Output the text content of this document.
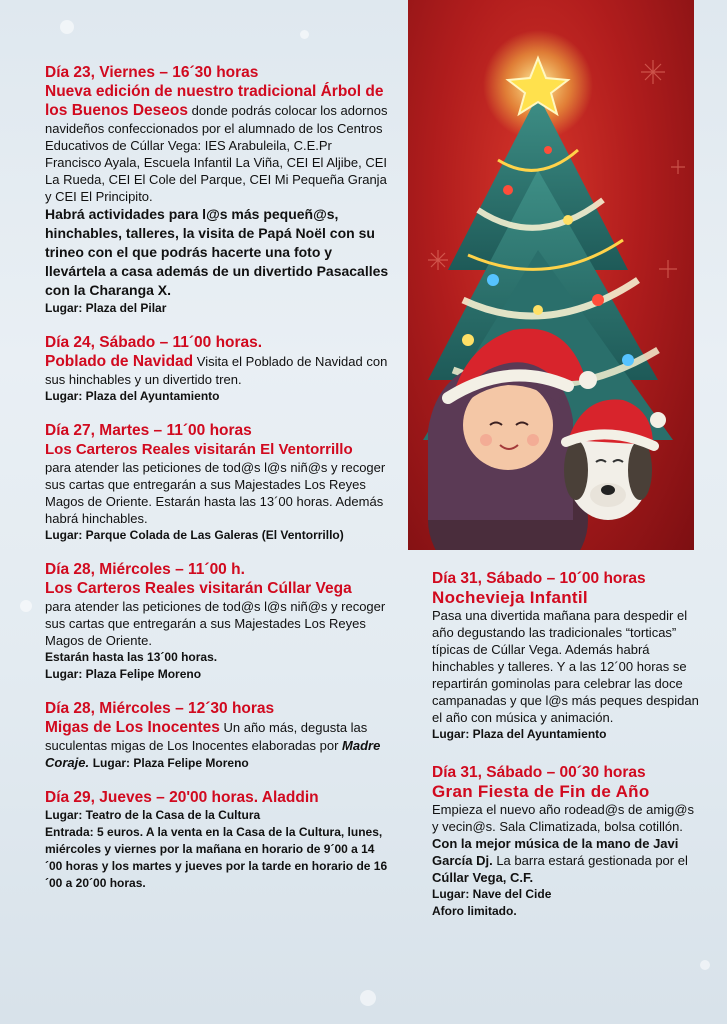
Día 23, Viernes – 16´30 horas

Nueva edición de nuestro tradicional Árbol de los Buenos Deseos donde podrás colocar los adornos navideños confeccionados por el alumnado de los Centros Educativos de Cúllar Vega: IES Arabuleila, C.E.Pr Francisco Ayala, Escuela Infantil La Viña, CEI El Aljibe, CEI La Rueda, CEI El Cole del Parque, CEI Mi Pequeña Granja y CEI El Principito.

Habrá actividades para l@s más pequeñ@s, hinchables, talleres, la visita de Papá Noël con su trineo con el que podrás hacerte una foto y llevártela a casa además de un divertido Pasacalles con la Charanga X.

Lugar: Plaza del Pilar

Día 24, Sábado – 11´00 horas.

Poblado de Navidad Visita el Poblado de Navidad con sus hinchables y un divertido tren.

Lugar: Plaza del Ayuntamiento

Día 27, Martes – 11´00 horas

Los Carteros Reales visitarán El Ventorrillo

para atender las peticiones de tod@s l@s niñ@s y recoger sus cartas que entregarán a sus Majestades Los Reyes Magos de Oriente. Estarán hasta las 13´00 horas. Además habrá hinchables.

Lugar: Parque Colada de Las Galeras (El Ventorrillo)

Día 28, Miércoles – 11´00 h.

Los Carteros Reales visitarán Cúllar Vega

para atender las peticiones de tod@s l@s niñ@s y recoger sus cartas que entregarán a sus Majestades Los Reyes Magos de Oriente.

Estarán hasta las 13´00 horas.

Lugar: Plaza Felipe Moreno

Día 28, Miércoles – 12´30 horas

Migas de Los Inocentes Un año más, degusta las suculentas migas de Los Inocentes elaboradas por Madre Coraje. Lugar: Plaza Felipe Moreno

Día 29, Jueves – 20'00 horas. Aladdin

Lugar: Teatro de la Casa de la Cultura

Entrada: 5 euros. A la venta en la Casa de la Cultura, lunes, miércoles y viernes por la mañana en horario de 9´00 a 14´00 horas y los martes y jueves por la tarde en horario de 16´00 a 20´00 horas.

Día 31, Sábado – 10´00 horas

Nochevieja Infantil

Pasa una divertida mañana para despedir el año degustando las tradicionales “torticas” típicas de Cúllar Vega. Además habrá hinchables y talleres. Y a las 12´00 horas se repartirán gominolas para celebrar las doce campanadas y que l@s más peques despidan el año con música y animación.

Lugar: Plaza del Ayuntamiento

Día 31, Sábado – 00´30 horas

Gran Fiesta de Fin de Año

Empieza el nuevo año rodead@s de amig@s y vecin@s. Sala Climatizada, bolsa cotillón. Con la mejor música de la mano de Javi García Dj. La barra estará gestionada por el Cúllar Vega, C.F.

Lugar: Nave del Cide

Aforo limitado.
